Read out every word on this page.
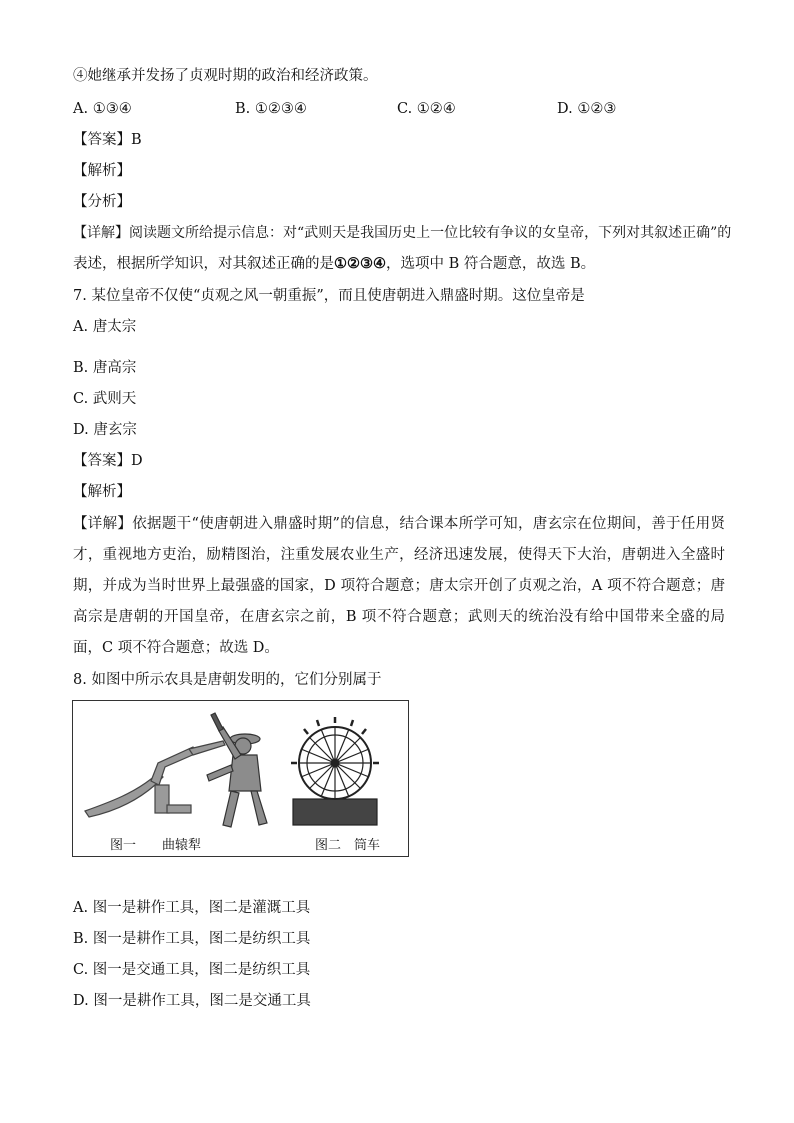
④她继承并发扬了贞观时期的政治和经济政策。
A. ①③④	B. ①②③④	C. ①②④	D. ①②③
【答案】B
【解析】
【分析】
【详解】阅读题文所给提示信息：对“武则天是我国历史上一位比较有争议的女皇帝，下列对其叙述正确”的
表述，根据所学知识，对其叙述正确的是①②③④，选项中 B 符合题意，故选 B。
7. 某位皇帝不仅使“贞观之风一朝重振”，而且使唐朝进入鼎盛时期。这位皇帝是
A. 唐太宗
B. 唐高宗
C. 武则天
D. 唐玄宗
【答案】D
【解析】
【详解】依据题干“使唐朝进入鼎盛时期”的信息，结合课本所学可知，唐玄宗在位期间，善于任用贤才，重视地方吏治，励精图治，注重发展农业生产，经济迅速发展，使得天下大治，唐朝进入全盛时期，并成为当时世界上最强盛的国家，D 项符合题意；唐太宗开创了贞观之治，A 项不符合题意；唐高宗是唐朝的开国皇帝，在唐玄宗之前，B 项不符合题意；武则天的统治没有给中国带来全盛的局面，C 项不符合题意；故选 D。
8. 如图中所示农具是唐朝发明的，它们分别属于
图一　　曲辕犁	图二　筒车
A. 图一是耕作工具，图二是灌溉工具
B. 图一是耕作工具，图二是纺织工具
C. 图一是交通工具，图二是纺织工具
D. 图一是耕作工具，图二是交通工具
